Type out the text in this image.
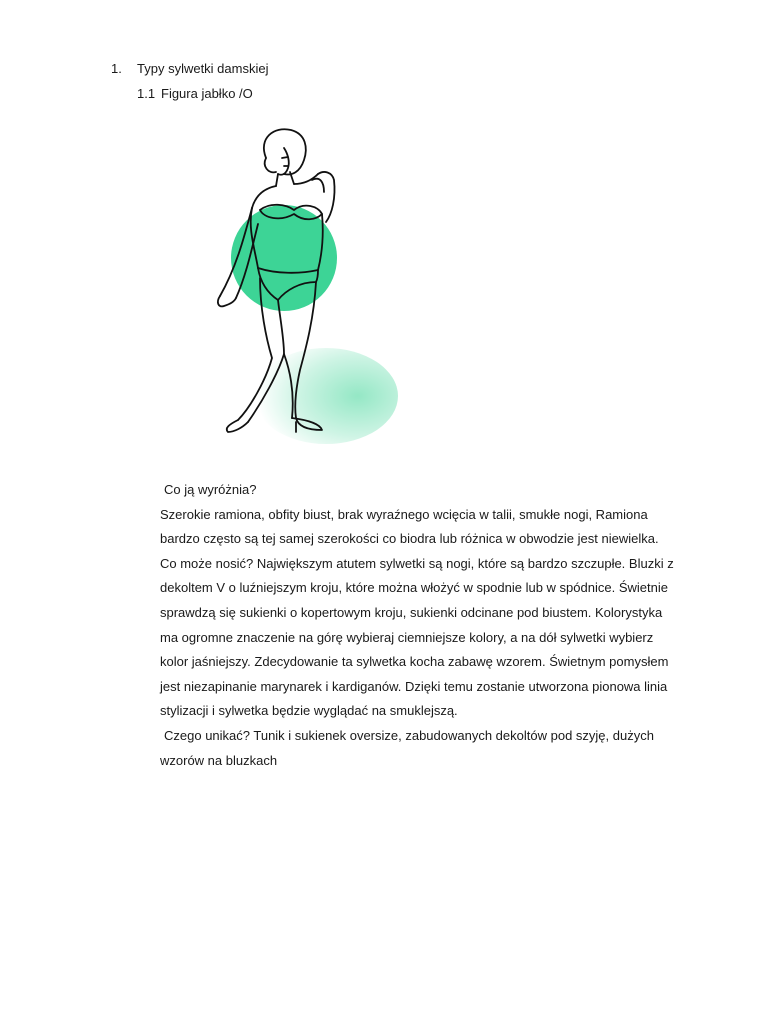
1. Typy sylwetki damskiej
1.1 Figura jabłko /O

Co ją wyróżnia?

Szerokie ramiona, obfity biust, brak wyraźnego wcięcia w talii, smukłe nogi, Ramiona

bardzo często są tej samej szerokości co biodra lub różnica w obwodzie jest niewielka.

Co może nosić? Największym atutem sylwetki są nogi, które są bardzo szczupłe. Bluzki z

dekoltem V o luźniejszym kroju, które można włożyć w spodnie lub w spódnice. Świetnie

sprawdzą się sukienki o kopertowym kroju, sukienki odcinane pod biustem. Kolorystyka

ma ogromne znaczenie na górę wybieraj ciemniejsze kolory, a na dół sylwetki wybierz

kolor jaśniejszy. Zdecydowanie ta sylwetka kocha zabawę wzorem. Świetnym pomysłem

jest niezapinanie marynarek i kardiganów. Dzięki temu zostanie utworzona pionowa linia

stylizacji i sylwetka będzie wyglądać na smuklejszą.

Czego unikać? Tunik i sukienek oversize, zabudowanych dekoltów pod szyję, dużych

wzorów na bluzkach
